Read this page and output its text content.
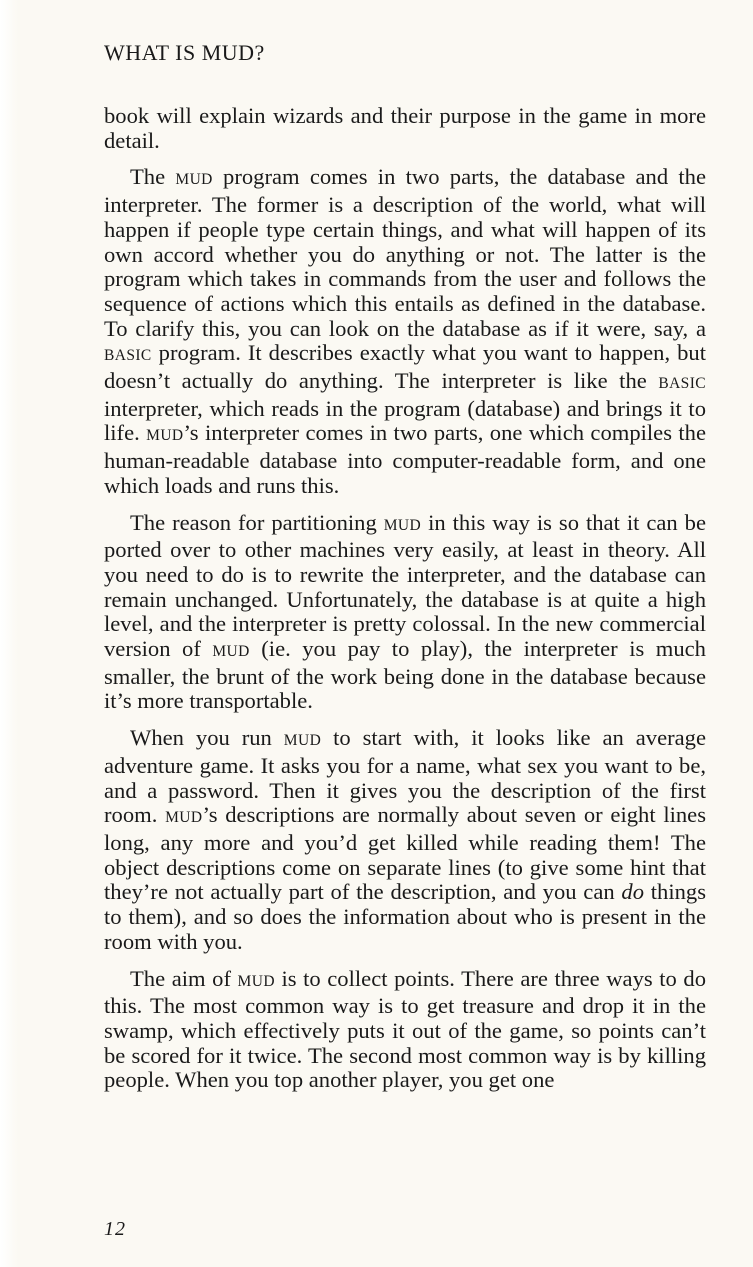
WHAT IS MUD?

book will explain wizards and their purpose in the game in more detail.

The MUD program comes in two parts, the database and the interpreter. The former is a description of the world, what will happen if people type certain things, and what will happen of its own accord whether you do anything or not. The latter is the program which takes in commands from the user and follows the sequence of actions which this entails as defined in the database. To clarify this, you can look on the database as if it were, say, a BASIC program. It describes exactly what you want to happen, but doesn’t actually do anything. The interpreter is like the BASIC interpreter, which reads in the program (database) and brings it to life. MUD’s interpreter comes in two parts, one which compiles the human-readable database into computer-readable form, and one which loads and runs this.

The reason for partitioning MUD in this way is so that it can be ported over to other machines very easily, at least in theory. All you need to do is to rewrite the interpreter, and the database can remain unchanged. Unfortunately, the database is at quite a high level, and the interpreter is pretty colossal. In the new commercial version of MUD (ie. you pay to play), the interpreter is much smaller, the brunt of the work being done in the database because it’s more transportable.

When you run MUD to start with, it looks like an average adventure game. It asks you for a name, what sex you want to be, and a password. Then it gives you the description of the first room. MUD’s descriptions are normally about seven or eight lines long, any more and you’d get killed while reading them! The object descriptions come on separate lines (to give some hint that they’re not actually part of the description, and you can do things to them), and so does the information about who is present in the room with you.

The aim of MUD is to collect points. There are three ways to do this. The most common way is to get treasure and drop it in the swamp, which effectively puts it out of the game, so points can’t be scored for it twice. The second most common way is by killing people. When you top another player, you get one

12
